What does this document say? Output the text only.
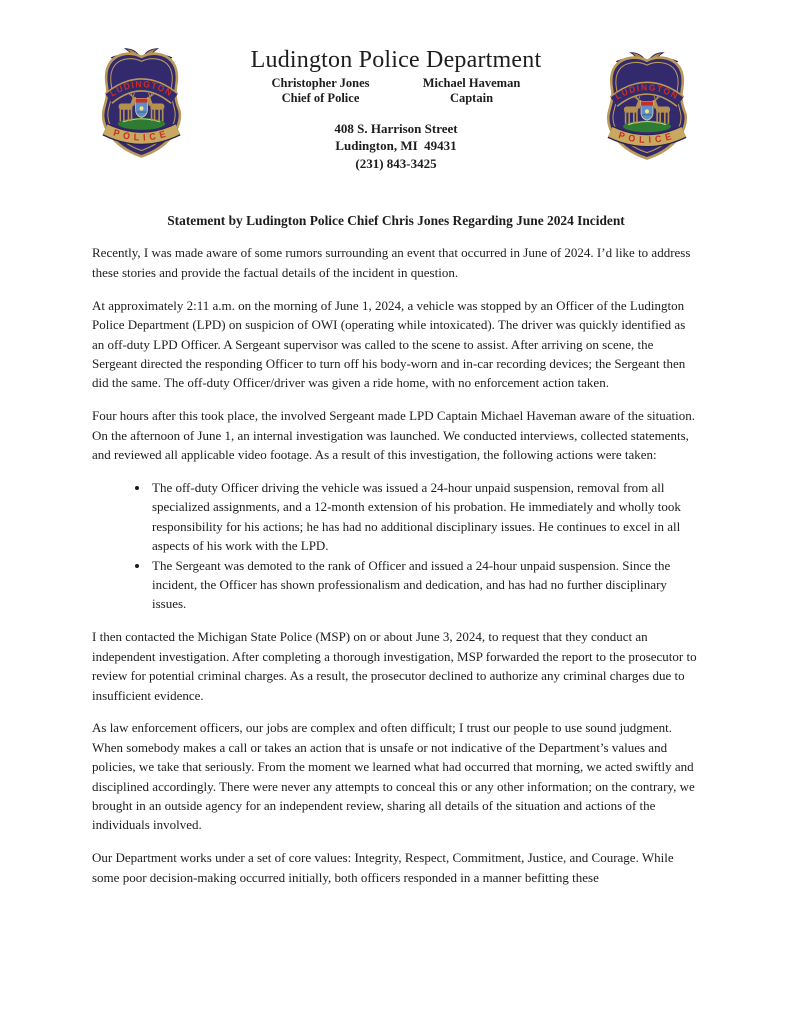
Ludington Police Department
Christopher Jones
Chief of Police
Michael Haveman
Captain
408 S. Harrison Street
Ludington, MI  49431
(231) 843-3425
Statement by Ludington Police Chief Chris Jones Regarding June 2024 Incident

Recently, I was made aware of some rumors surrounding an event that occurred in June of 2024. I’d like to address these stories and provide the factual details of the incident in question.

At approximately 2:11 a.m. on the morning of June 1, 2024, a vehicle was stopped by an Officer of the Ludington Police Department (LPD) on suspicion of OWI (operating while intoxicated). The driver was quickly identified as an off-duty LPD Officer. A Sergeant supervisor was called to the scene to assist. After arriving on scene, the Sergeant directed the responding Officer to turn off his body-worn and in-car recording devices; the Sergeant then did the same. The off-duty Officer/driver was given a ride home, with no enforcement action taken.

Four hours after this took place, the involved Sergeant made LPD Captain Michael Haveman aware of the situation. On the afternoon of June 1, an internal investigation was launched. We conducted interviews, collected statements, and reviewed all applicable video footage. As a result of this investigation, the following actions were taken:

• The off-duty Officer driving the vehicle was issued a 24-hour unpaid suspension, removal from all specialized assignments, and a 12-month extension of his probation. He immediately and wholly took responsibility for his actions; he has had no additional disciplinary issues. He continues to excel in all aspects of his work with the LPD.
• The Sergeant was demoted to the rank of Officer and issued a 24-hour unpaid suspension. Since the incident, the Officer has shown professionalism and dedication, and has had no further disciplinary issues.

I then contacted the Michigan State Police (MSP) on or about June 3, 2024, to request that they conduct an independent investigation. After completing a thorough investigation, MSP forwarded the report to the prosecutor to review for potential criminal charges. As a result, the prosecutor declined to authorize any criminal charges due to insufficient evidence.

As law enforcement officers, our jobs are complex and often difficult; I trust our people to use sound judgment. When somebody makes a call or takes an action that is unsafe or not indicative of the Department’s values and policies, we take that seriously. From the moment we learned what had occurred that morning, we acted swiftly and disciplined accordingly. There were never any attempts to conceal this or any other information; on the contrary, we brought in an outside agency for an independent review, sharing all details of the situation and actions of the individuals involved.

Our Department works under a set of core values: Integrity, Respect, Commitment, Justice, and Courage. While some poor decision-making occurred initially, both officers responded in a manner befitting these
